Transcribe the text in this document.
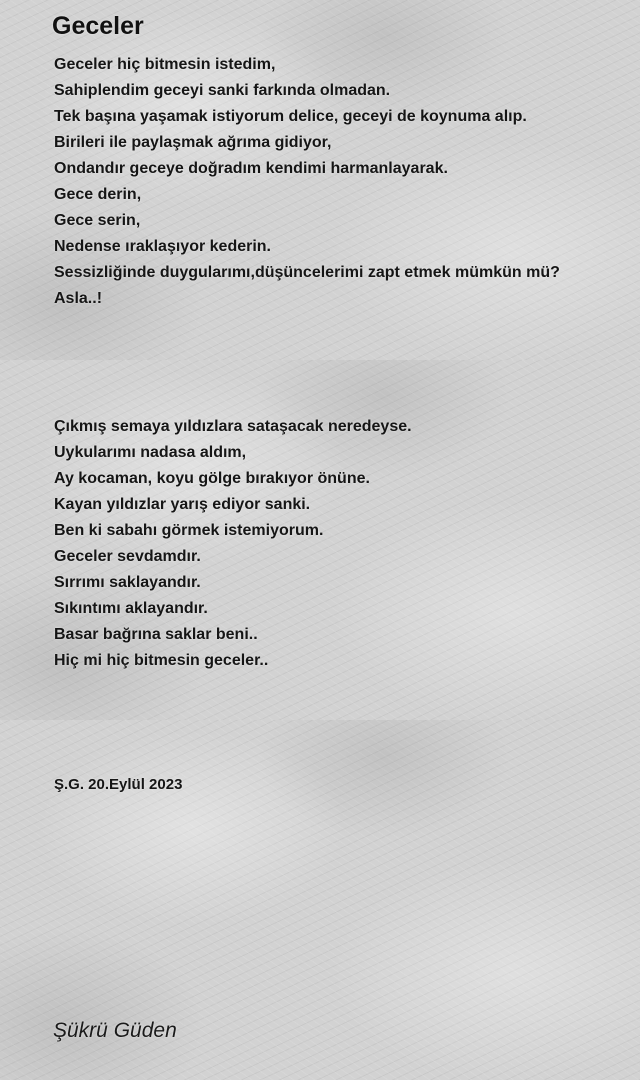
Geceler
Geceler hiç bitmesin istedim,
Sahiplendim geceyi sanki farkında olmadan.
Tek başına yaşamak istiyorum delice, geceyi de koynuma alıp.
Birileri ile paylaşmak ağrıma gidiyor,
Ondandır geceye doğradım kendimi harmanlayarak.
Gece derin,
Gece serin,
Nedense ıraklaşıyor kederin.
Sessizliğinde duygularımı,düşüncelerimi zapt etmek mümkün mü?
Asla..!
Çıkmış semaya yıldızlara sataşacak neredeyse.
Uykularımı nadasa aldım,
Ay kocaman, koyu gölge bırakıyor önüne.
Kayan yıldızlar yarış ediyor sanki.
Ben ki sabahı görmek istemiyorum.
Geceler sevdamdır.
Sırrımı saklayandır.
Sıkıntımı aklayandır.
Basar bağrına saklar beni..
Hiç mi hiç bitmesin geceler..
Ş.G. 20.Eylül 2023
Şükrü Güden
